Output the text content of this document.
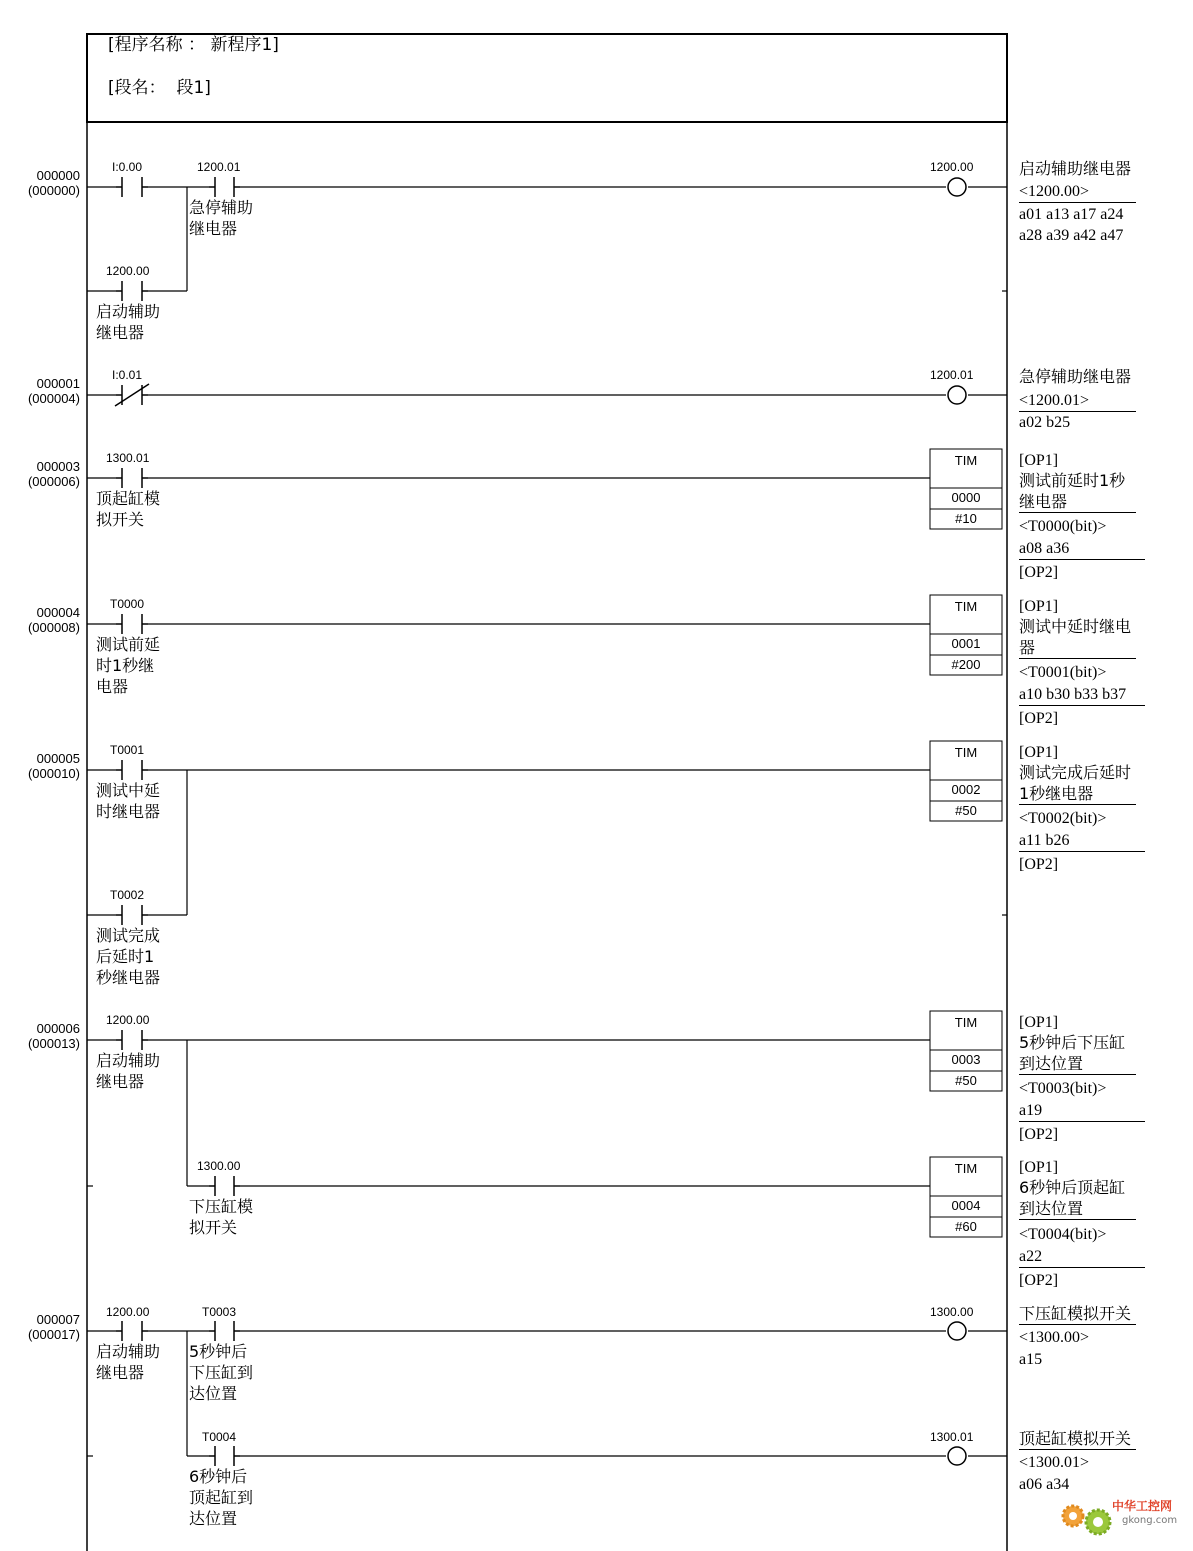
[程序名称 ： 新程序1]
[段名：  段1]
000000
(000000)
000001
(000004)
000003
(000006)
000004
(000008)
000005
(000010)
000006
(000013)
000007
(000017)
I:0.00	1200.01
急停辅助
继电器
1200.00
启动辅助
继电器
I:0.01
1300.01
顶起缸模
拟开关
T0000
测试前延
时1秒继
电器
T0001
测试中延
时继电器
T0002
测试完成
后延时1
秒继电器
1200.00
启动辅助
继电器
1300.00
下压缸模
拟开关
1200.00
启动辅助
继电器
T0003
5秒钟后
下压缸到
达位置
T0004
6秒钟后
顶起缸到
达位置
1200.00
1200.01
1300.00
1300.01
TIM
0000
#10
TIM
0001
#200
TIM
0002
#50
TIM
0003
#50
TIM
0004
#60
启动辅助继电器
<1200.00>
a01 a13 a17 a24
a28 a39 a42 a47
急停辅助继电器
<1200.01>
a02 b25
[OP1]
测试前延时1秒
继电器
<T0000(bit)>
a08 a36
[OP2]
[OP1]
测试中延时继电
器
<T0001(bit)>
a10 b30 b33 b37
[OP2]
[OP1]
测试完成后延时
1秒继电器
<T0002(bit)>
a11 b26
[OP2]
[OP1]
5秒钟后下压缸
到达位置
<T0003(bit)>
a19
[OP2]
[OP1]
6秒钟后顶起缸
到达位置
<T0004(bit)>
a22
[OP2]
下压缸模拟开关
<1300.00>
a15
顶起缸模拟开关
<1300.01>
a06 a34
中华工控网
gkong.com
